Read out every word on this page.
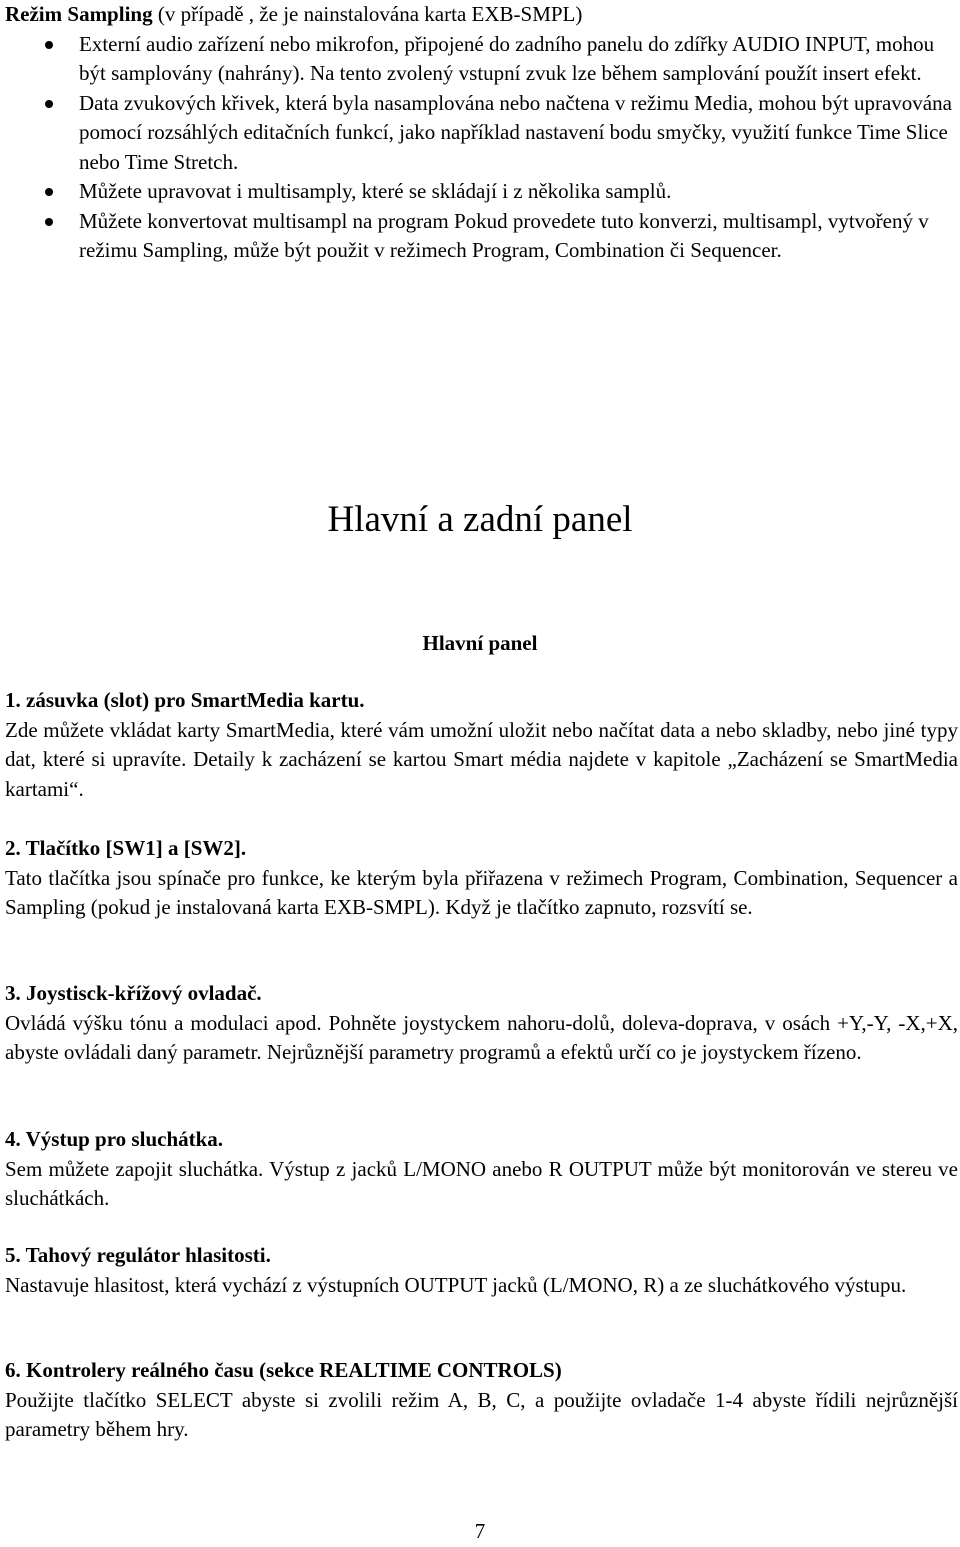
Režim Sampling (v případě , že je nainstalována karta EXB-SMPL)
Externí audio zařízení nebo mikrofon, připojené do zadního panelu do zdířky AUDIO INPUT, mohou být samplovány (nahrány). Na tento zvolený vstupní zvuk lze během samplování použít insert efekt.
Data zvukových křivek, která byla nasamplována nebo načtena v režimu Media, mohou být upravována pomocí rozsáhlých editačních funkcí, jako například nastavení bodu smyčky, využití funkce Time Slice nebo Time Stretch.
Můžete upravovat i multisamply, které se skládají i z několika samplů.
Můžete konvertovat multisampl na program Pokud provedete tuto konverzi, multisampl, vytvořený v režimu Sampling, může být použit v režimech Program, Combination či Sequencer.
Hlavní a zadní panel
Hlavní panel
1. zásuvka (slot) pro SmartMedia kartu.
Zde můžete vkládat karty SmartMedia, které vám umožní uložit nebo načítat data a nebo skladby, nebo jiné typy dat, které si upravíte. Detaily k zacházení se kartou Smart média najdete v kapitole „Zacházení se SmartMedia kartami“.
2. Tlačítko [SW1] a [SW2].
Tato tlačítka jsou spínače pro funkce, ke kterým byla přiřazena v režimech Program, Combination, Sequencer a Sampling (pokud je instalovaná karta EXB-SMPL). Když je tlačítko zapnuto, rozsvítí se.
3. Joystisck-křížový ovladač.
Ovládá výšku tónu a modulaci apod. Pohněte joystyckem nahoru-dolů, doleva-doprava, v osách +Y,-Y, -X,+X, abyste ovládali daný parametr. Nejrůznější parametry programů a efektů určí co je joystyckem řízeno.
4. Výstup pro sluchátka.
Sem můžete zapojit sluchátka. Výstup z jacků L/MONO anebo R OUTPUT může být monitorován ve stereu ve sluchátkách.
5. Tahový regulátor hlasitosti.
Nastavuje hlasitost, která vychází z výstupních OUTPUT jacků (L/MONO, R) a ze sluchátkového výstupu.
6. Kontrolery reálného času (sekce REALTIME CONTROLS)
Použijte tlačítko SELECT abyste si zvolili režim A, B, C, a použijte ovladače 1-4 abyste řídili nejrůznější parametry během hry.
7
